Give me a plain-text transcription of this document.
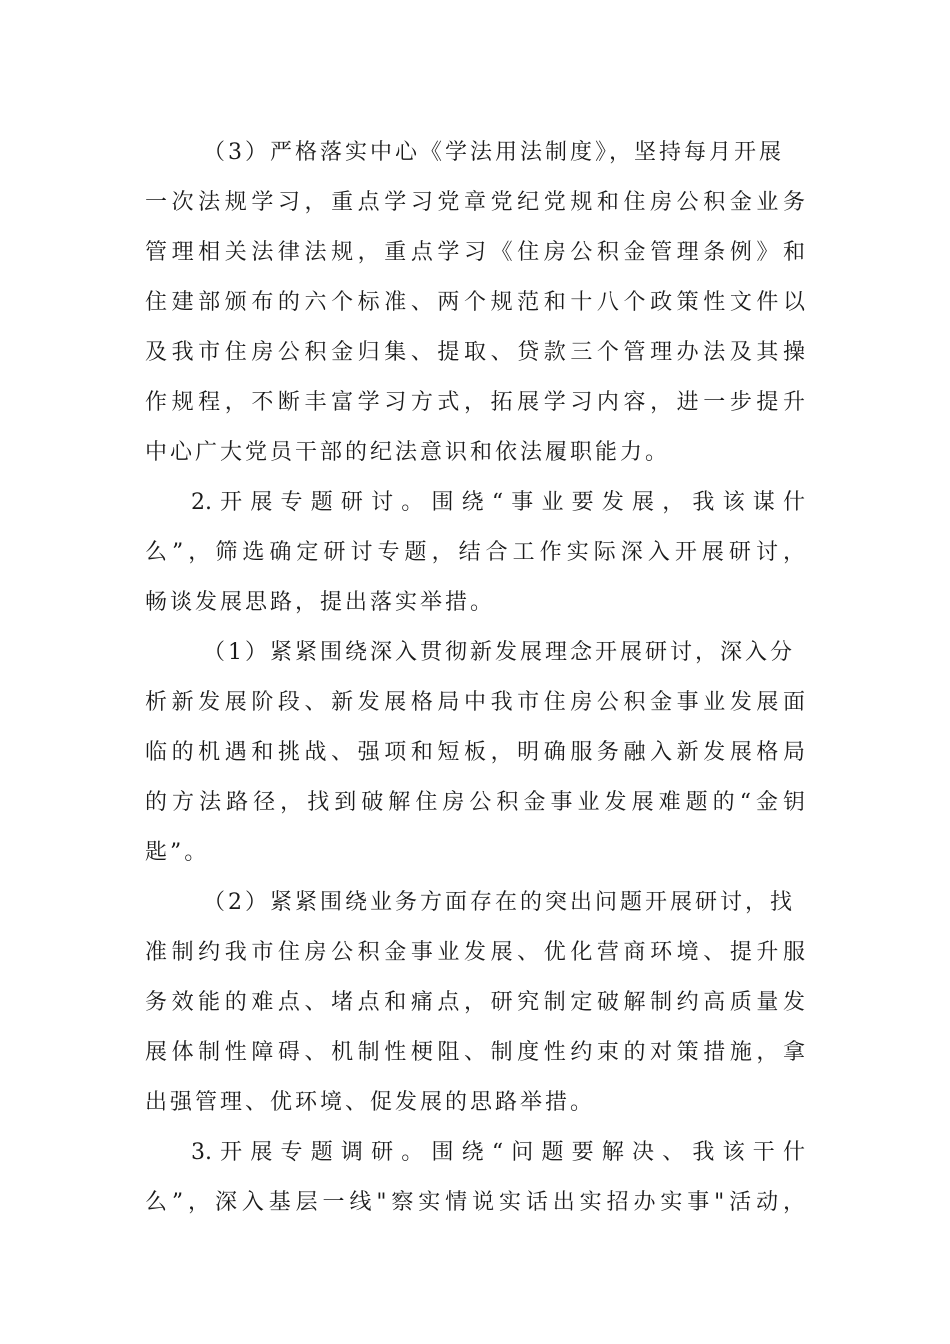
（3）严格落实中心《学法用法制度》，坚持每月开展
一次法规学习，重点学习党章党纪党规和住房公积金业务
管理相关法律法规，重点学习《住房公积金管理条例》和
住建部颁布的六个标准、两个规范和十八个政策性文件以
及我市住房公积金归集、提取、贷款三个管理办法及其操
作规程，不断丰富学习方式，拓展学习内容，进一步提升
中心广大党员干部的纪法意识和依法履职能力。
2.开展专题研讨。围绕“事业要发展，我该谋什
么”，筛选确定研讨专题，结合工作实际深入开展研讨，
畅谈发展思路，提出落实举措。
（1）紧紧围绕深入贯彻新发展理念开展研讨，深入分
析新发展阶段、新发展格局中我市住房公积金事业发展面
临的机遇和挑战、强项和短板，明确服务融入新发展格局
的方法路径，找到破解住房公积金事业发展难题的“金钥
匙”。
（2）紧紧围绕业务方面存在的突出问题开展研讨，找
准制约我市住房公积金事业发展、优化营商环境、提升服
务效能的难点、堵点和痛点，研究制定破解制约高质量发
展体制性障碍、机制性梗阻、制度性约束的对策措施，拿
出强管理、优环境、促发展的思路举措。
3.开展专题调研。围绕“问题要解决、我该干什
么”，深入基层一线"察实情说实话出实招办实事"活动，
